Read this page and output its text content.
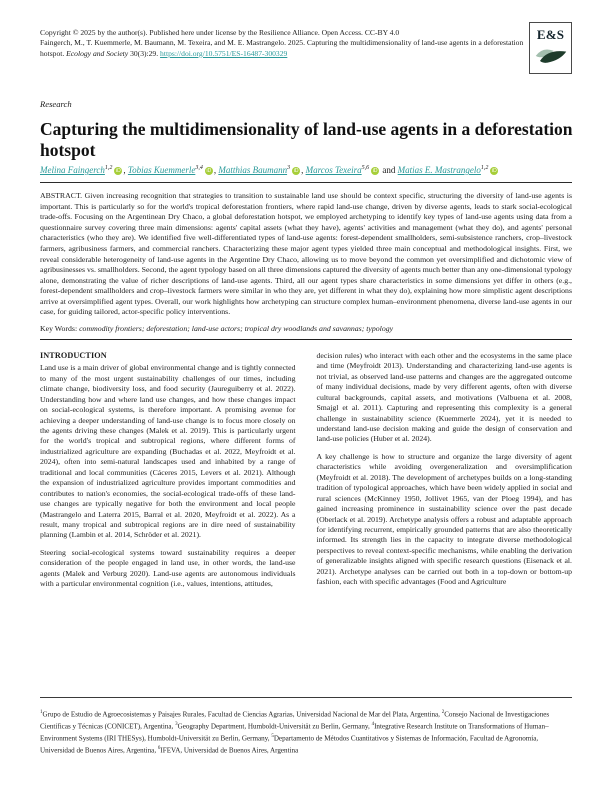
Copyright © 2025 by the author(s). Published here under license by the Resilience Alliance. Open Access. CC-BY 4.0

Faingerch, M., T. Kuemmerle, M. Baumann, M. Texeira, and M. E. Mastrangelo. 2025. Capturing the multidimensionality of land-use agents in a deforestation hotspot. Ecology and Society 30(3):29. https://doi.org/10.5751/ES-16487-300329

E&S

Research

Capturing the multidimensionality of land-use agents in a deforestation hotspot

Melina Faingerch$^{1,2}$ iD , Tobias Kuemmerle$^{3,4}$ iD , Matthias Baumann$^3$ iD , Marcos Texeira$^{5,6}$ iD and Matias E. Mastrangelo$^{1,2}$ iD

ABSTRACT. Given increasing recognition that strategies to transition to sustainable land use should be context specific, structuring the diversity of land-use agents is important. This is particularly so for the world's tropical deforestation frontiers, where rapid land-use change, driven by diverse agents, leads to stark social-ecological trade-offs. Focusing on the Argentinean Dry Chaco, a global deforestation hotspot, we employed archetyping to identify key types of land-use agents using data from a questionnaire survey covering three main dimensions: agents' capital assets (what they have), agents' activities and management (what they do), and agents' personal characteristics (who they are). We identified five well-differentiated types of land-use agents: forest-dependent smallholders, semi-subsistence ranchers, crop–livestock farmers, agribusiness farmers, and commercial ranchers. Characterizing these major agent types yielded three main conceptual and methodological insights. First, we reveal considerable heterogeneity of land-use agents in the Argentine Dry Chaco, allowing us to move beyond the common yet oversimplified and dichotomic view of agribusinesses vs. smallholders. Second, the agent typology based on all three dimensions captured the diversity of agents much better than any one-dimensional typology alone, demonstrating the value of richer descriptions of land-use agents. Third, all our agent types share characteristics in some dimensions yet differ in others (e.g., forest-dependent smallholders and crop–livestock farmers were similar in who they are, yet different in what they do), explaining how more simplistic agent descriptions arrive at oversimplified agent types. Overall, our work highlights how archetyping can structure complex human–environment phenomena, diverse land-use agents in our case, for guiding tailored, actor-specific policy interventions.

Key Words: commodity frontiers; deforestation; land-use actors; tropical dry woodlands and savannas; typology

INTRODUCTION

Land use is a main driver of global environmental change and is tightly connected to many of the most urgent sustainability challenges of our times, including climate change, biodiversity loss, and food security (Jaureguiberry et al. 2022). Understanding how and where land use changes, and how these changes impact on social-ecological systems, is therefore important. A promising avenue for achieving a deeper understanding of land-use change is to focus more closely on the agents driving these changes (Malek et al. 2019). This is particularly urgent for the world's tropical and subtropical regions, where different forms of industrialized agriculture are expanding (Buchadas et al. 2022, Meyfroidt et al. 2024), often into semi-natural landscapes used and inhabited by a range of traditional and local communities (Cáceres 2015, Levers et al. 2021). Although the expansion of industrialized agriculture provides important commodities and contributes to nation's economies, the social-ecological trade-offs of these land-use changes are typically negative for both the environment and local people (Mastrangelo and Laterra 2015, Barral et al. 2020, Meyfroidt et al. 2022). As a result, many tropical and subtropical regions are in dire need of sustainability planning (Lambin et al. 2014, Schröder et al. 2021).

Steering social-ecological systems toward sustainability requires a deeper consideration of the people engaged in land use, in other words, the land-use agents (Malek and Verburg 2020). Land-use agents are autonomous individuals with a particular environmental cognition (i.e., values, intentions, attitudes,

decision rules) who interact with each other and the ecosystems in the same place and time (Meyfroidt 2013). Understanding and characterizing land-use agents is not trivial, as observed land-use patterns and changes are the aggregated outcome of many individual decisions, made by very different agents, often with diverse cultural backgrounds, capital assets, and motivations (Valbuena et al. 2008, Smajgl et al. 2011). Capturing and representing this complexity is a general challenge in sustainability science (Kuemmerle 2024), yet it is needed to understand land-use decision making and guide the design of conservation and land-use policies (Huber et al. 2024).

A key challenge is how to structure and organize the large diversity of agent characteristics while avoiding overgeneralization and oversimplification (Meyfroidt et al. 2018). The development of archetypes builds on a long-standing tradition of typological approaches, which have been widely applied in social and rural sciences (McKinney 1950, Jollivet 1965, van der Ploeg 1994), and has gained increasing prominence in sustainability science over the past decade (Oberlack et al. 2019). Archetype analysis offers a robust and adaptable approach for identifying recurrent, empirically grounded patterns that are also theoretically informed. Its strength lies in the capacity to integrate diverse methodological perspectives to reveal context-specific mechanisms, while enabling the derivation of generalizable insights aligned with specific research questions (Eisenack et al. 2021). Archetype analyses can be carried out both in a top-down or bottom-up fashion, each with specific advantages (Food and Agriculture

$^1$Grupo de Estudio de Agroecosistemas y Paisajes Rurales, Facultad de Ciencias Agrarias, Universidad Nacional de Mar del Plata, Argentina, $^2$Consejo Nacional de Investigaciones Científicas y Técnicas (CONICET), Argentina, $^3$Geography Department, Humboldt-Universität zu Berlin, Germany, $^4$Integrative Research Institute on Transformations of Human–Environment Systems (IRI THESys), Humboldt-Universität zu Berlin, Germany, $^5$Departamento de Métodos Cuantitativos y Sistemas de Información, Facultad de Agronomía, Universidad de Buenos Aires, Argentina, $^6$IFEVA, Universidad de Buenos Aires, Argentina
